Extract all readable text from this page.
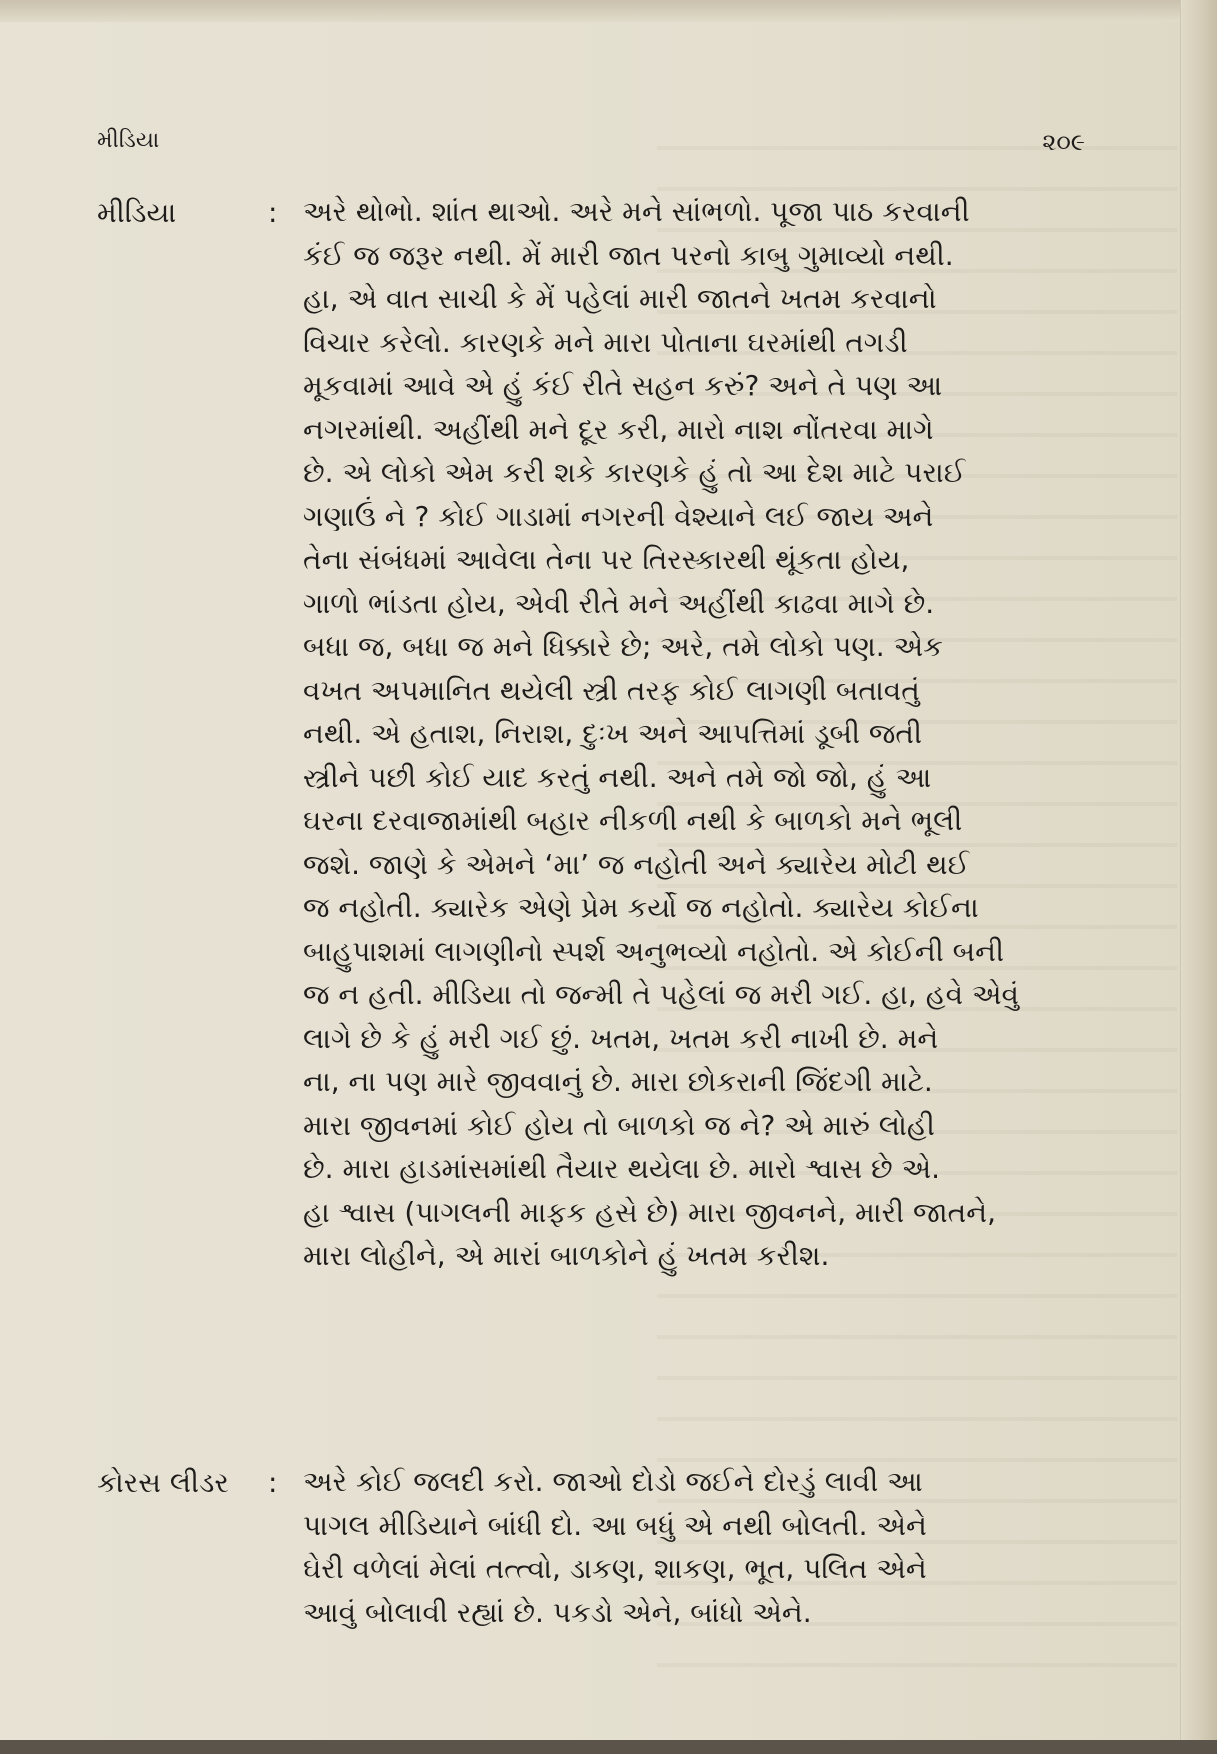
મીડિયા	૨૦૯
મીડિયા	: અરે થોભો. શાંત થાઓ. અરે મને સાંભળો. પૂજા પાઠ કરવાની
કંઈ જ જરૂર નથી. મેં મારી જાત પરનો કાબુ ગુમાવ્યો નથી.
હા, એ વાત સાચી કે મેં પહેલાં મારી જાતને ખતમ કરવાનો
વિચાર કરેલો. કારણકે મને મારા પોતાના ઘરમાંથી તગડી
મૂકવામાં આવે એ હું કંઈ રીતે સહન કરું? અને તે પણ આ
નગરમાંથી. અહીંથી મને દૂર કરી, મારો નાશ નોંતરવા માગે
છે. એ લોકો એમ કરી શકે કારણકે હું તો આ દેશ માટે પરાઈ
ગણાઉં ને ? કોઈ ગાડામાં નગરની વેશ્યાને લઈ જાય અને
તેના સંબંધમાં આવેલા તેના પર તિરસ્કારથી થૂંકતા હોય,
ગાળો ભાંડતા હોય, એવી રીતે મને અહીંથી કાઢવા માગે છે.
બધા જ, બધા જ મને ધિક્કારે છે; અરે, તમે લોકો પણ. એક
વખત અપમાનિત થયેલી સ્ત્રી તરફ કોઈ લાગણી બતાવતું
નથી. એ હતાશ, નિરાશ, દુઃખ અને આપત્તિમાં ડૂબી જતી
સ્ત્રીને પછી કોઈ યાદ કરતું નથી. અને તમે જો જો, હું આ
ઘરના દરવાજામાંથી બહાર નીકળી નથી કે બાળકો મને ભૂલી
જશે. જાણે કે એમને ‘મા’ જ નહોતી અને ક્યારેય મોટી થઈ
જ નહોતી. ક્યારેક એણે પ્રેમ કર્યો જ નહોતો. ક્યારેય કોઈના
બાહુપાશમાં લાગણીનો સ્પર્શ અનુભવ્યો નહોતો. એ કોઈની બની
જ ન હતી. મીડિયા તો જન્મી તે પહેલાં જ મરી ગઈ. હા, હવે એવું
લાગે છે કે હું મરી ગઈ છું. ખતમ, ખતમ કરી નાખી છે. મને
ના, ના પણ મારે જીવવાનું છે. મારા છોકરાની જિંદગી માટે.
મારા જીવનમાં કોઈ હોય તો બાળકો જ ને? એ મારું લોહી
છે. મારા હાડમાંસમાંથી તૈયાર થયેલા છે. મારો શ્વાસ છે એ.
હા શ્વાસ (પાગલની માફક હસે છે) મારા જીવનને, મારી જાતને,
મારા લોહીને, એ મારાં બાળકોને હું ખતમ કરીશ.
કોરસ લીડર : અરે કોઈ જલદી કરો. જાઓ દોડો જઈને દોરડું લાવી આ
પાગલ મીડિયાને બાંધી દો. આ બધું એ નથી બોલતી. એને
ઘેરી વળેલાં મેલાં તત્ત્વો, ડાકણ, શાકણ, ભૂત, પલિત એને
આવું બોલાવી રહ્યાં છે. પકડો એને, બાંધો એને.
